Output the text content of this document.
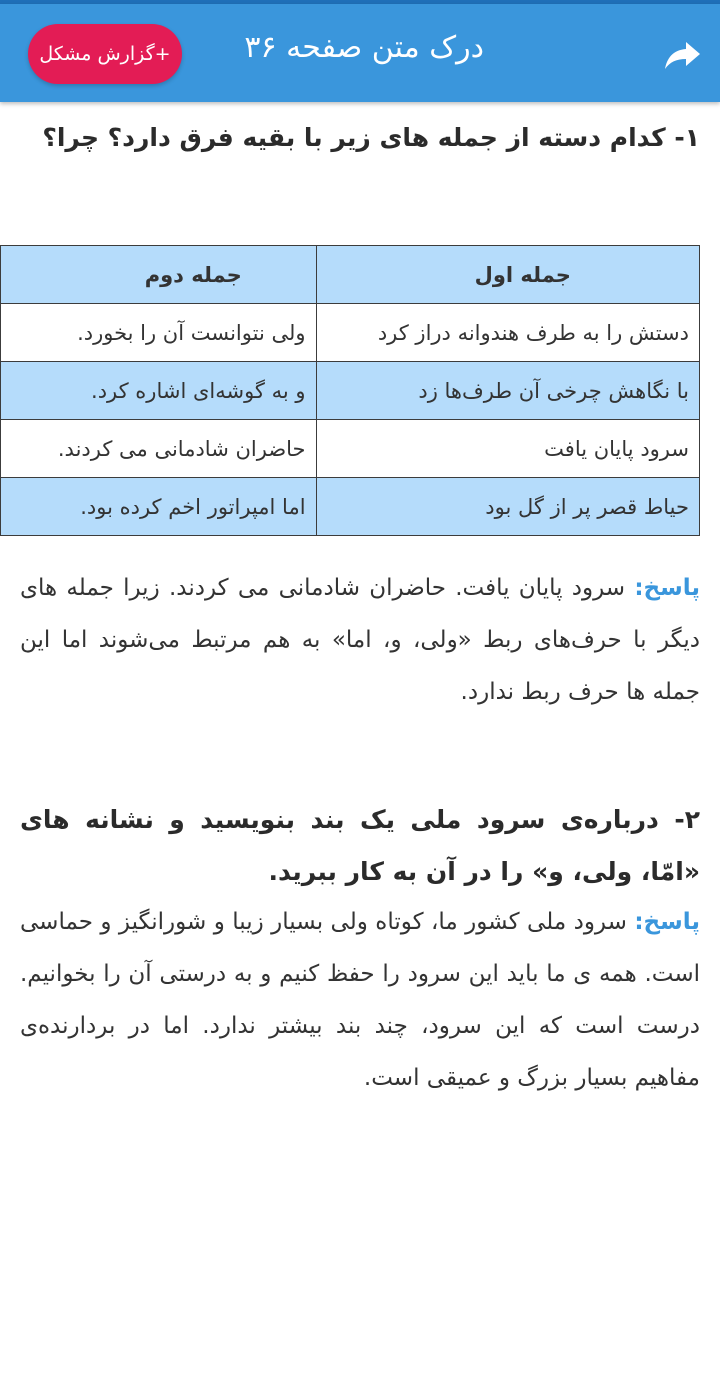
درک متن صفحه ۳۶
+گزارش مشکل
۱- کدام دسته از جمله های زیر با بقیه فرق دارد؟ چرا؟
جمله اول	جمله دوم
دستش را به طرف هندوانه دراز کرد	ولی نتوانست آن را بخورد.
با نگاهش چرخی آن طرف‌ها زد	و به گوشه‌ای اشاره کرد.
سرود پایان یافت	حاضران شادمانی می کردند.
حیاط قصر پر از گل بود	اما امپراتور اخم کرده بود.
پاسخ: سرود پایان یافت. حاضران شادمانی می کردند. زیرا جمله های دیگر با حرف‌های ربط «ولی، و، اما» به هم مرتبط می‌شوند اما این جمله ها حرف ربط ندارد.
۲- درباره‌ی سرود ملی یک بند بنویسید و نشانه های «امّا، ولی، و» را در آن به کار ببرید.
پاسخ: سرود ملی کشور ما، کوتاه ولی بسیار زیبا و شورانگیز و حماسی است. همه ی ما باید این سرود را حفظ کنیم و به درستی آن را بخوانیم. درست است که این سرود، چند بند بیشتر ندارد. اما در بردارنده‌ی مفاهیم بسیار بزرگ و عمیقی است.
